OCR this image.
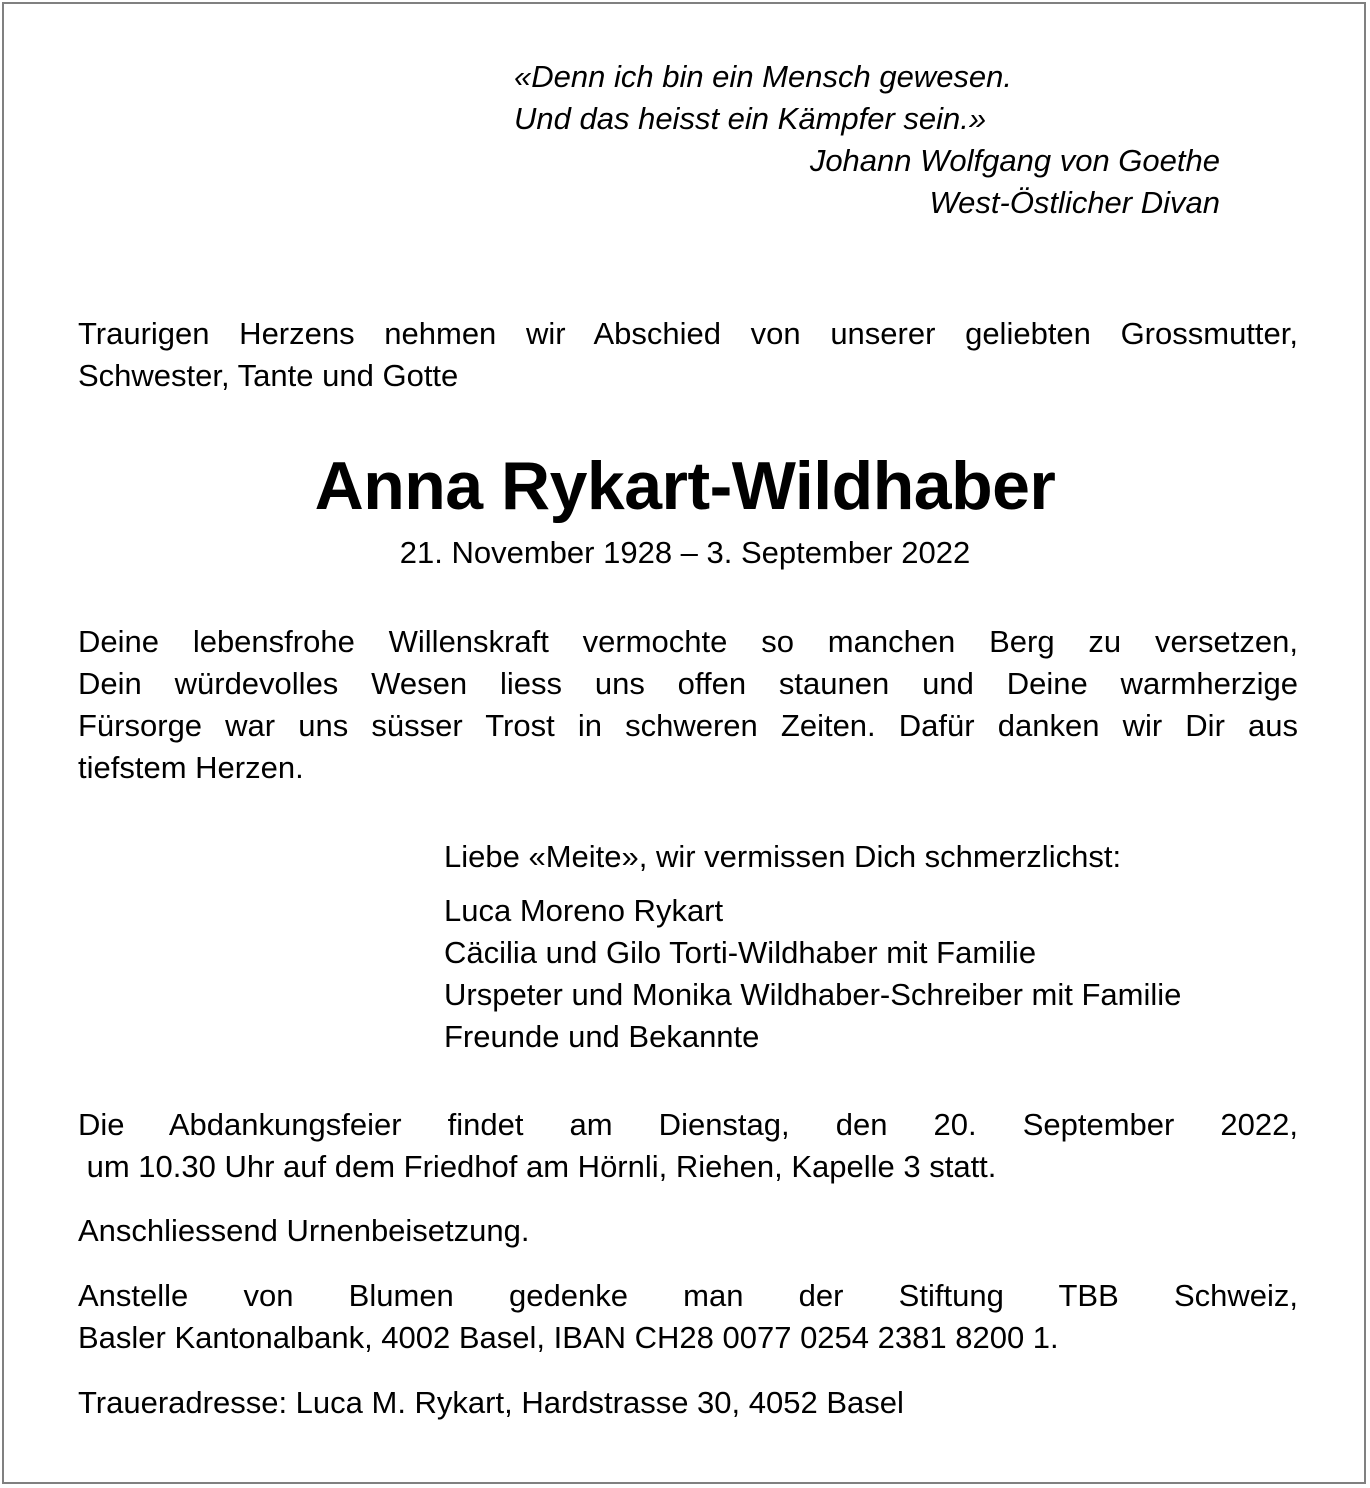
«Denn ich bin ein Mensch gewesen.
Und das heisst ein Kämpfer sein.»
Johann Wolfgang von Goethe
West-Östlicher Divan
Traurigen Herzens nehmen wir Abschied von unserer geliebten Grossmutter,
Schwester, Tante und Gotte
Anna Rykart-Wildhaber
21. November 1928 – 3. September 2022
Deine lebensfrohe Willenskraft vermochte so manchen Berg zu versetzen,
Dein würdevolles Wesen liess uns offen staunen und Deine warmherzige
Fürsorge war uns süsser Trost in schweren Zeiten. Dafür danken wir Dir aus
tiefstem Herzen.
Liebe «Meite», wir vermissen Dich schmerzlichst:
Luca Moreno Rykart
Cäcilia und Gilo Torti-Wildhaber mit Familie
Urspeter und Monika Wildhaber-Schreiber mit Familie
Freunde und Bekannte
Die Abdankungsfeier findet am Dienstag, den 20. September 2022,
um 10.30 Uhr auf dem Friedhof am Hörnli, Riehen, Kapelle 3 statt.
Anschliessend Urnenbeisetzung.
Anstelle von Blumen gedenke man der Stiftung TBB Schweiz,
Basler Kantonalbank, 4002 Basel, IBAN CH28 0077 0254 2381 8200 1.
Traueradresse: Luca M. Rykart, Hardstrasse 30, 4052 Basel
